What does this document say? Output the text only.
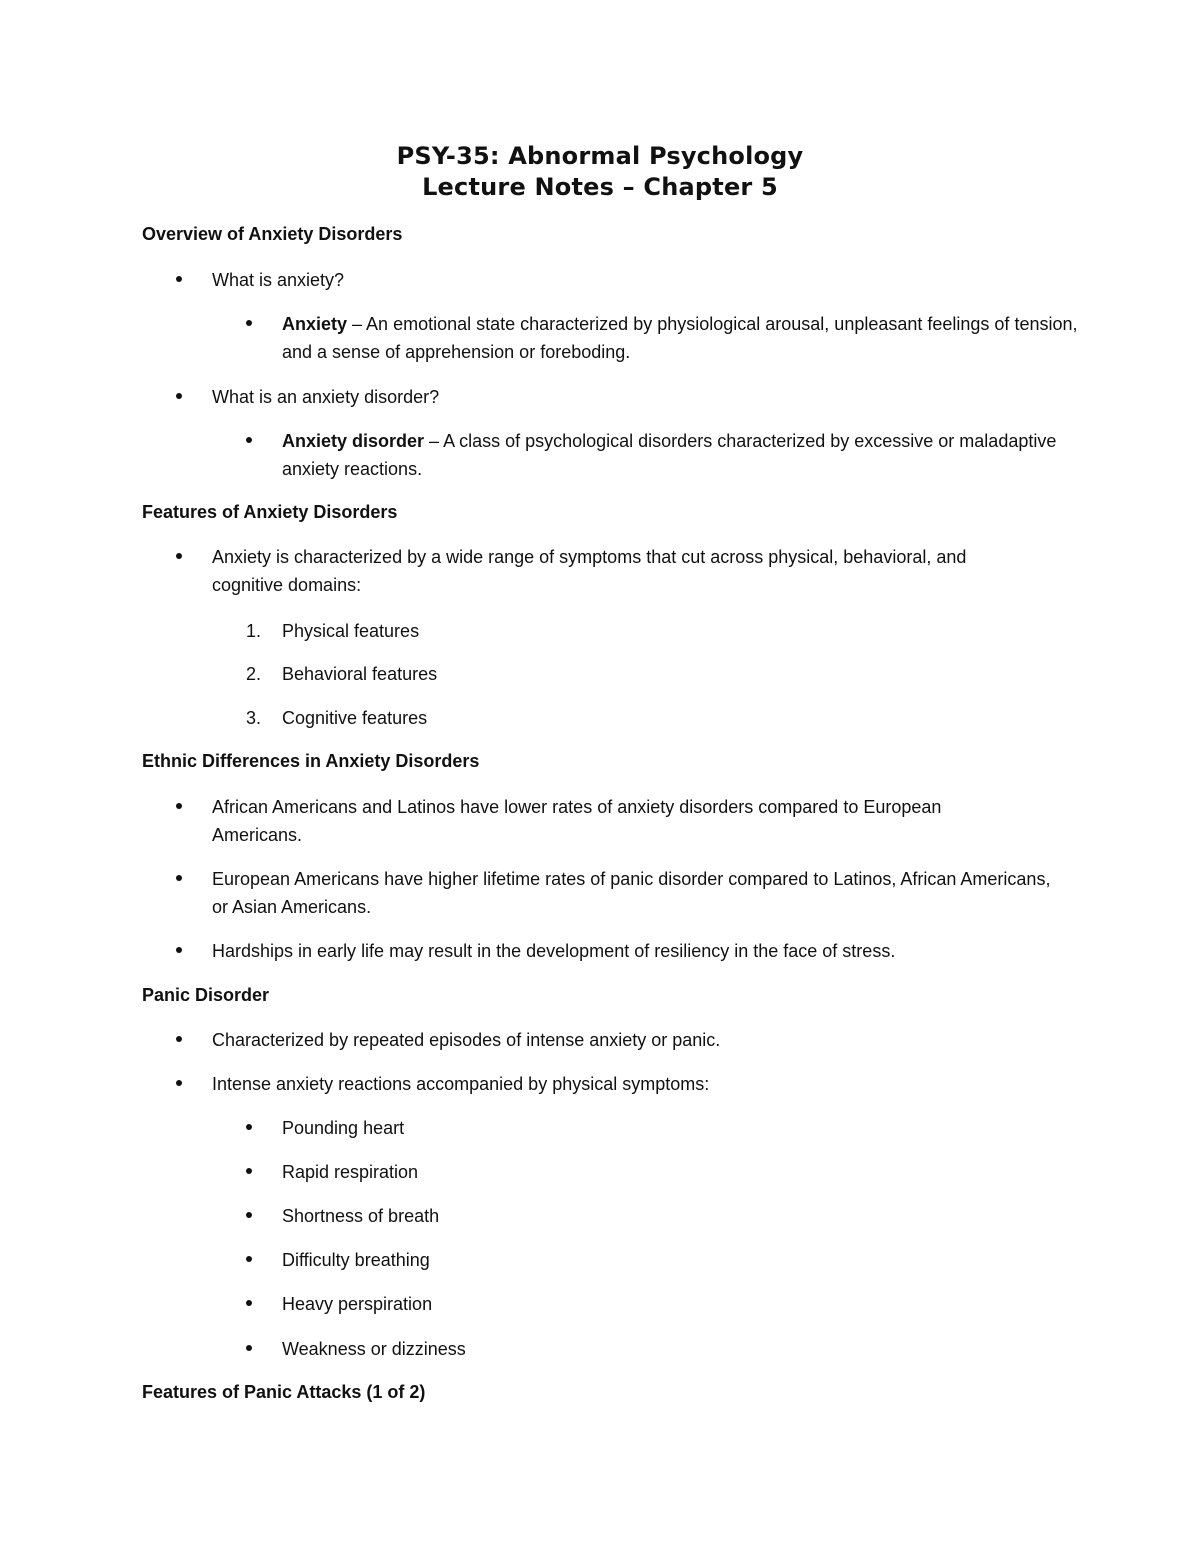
PSY-35: Abnormal Psychology
Lecture Notes – Chapter 5
Overview of Anxiety Disorders
What is anxiety?
Anxiety – An emotional state characterized by physiological arousal, unpleasant feelings of tension, and a sense of apprehension or foreboding.
What is an anxiety disorder?
Anxiety disorder – A class of psychological disorders characterized by excessive or maladaptive anxiety reactions.
Features of Anxiety Disorders
Anxiety is characterized by a wide range of symptoms that cut across physical, behavioral, and cognitive domains:
1.	Physical features
2.	Behavioral features
3.	Cognitive features
Ethnic Differences in Anxiety Disorders
African Americans and Latinos have lower rates of anxiety disorders compared to European Americans.
European Americans have higher lifetime rates of panic disorder compared to Latinos, African Americans, or Asian Americans.
Hardships in early life may result in the development of resiliency in the face of stress.
Panic Disorder
Characterized by repeated episodes of intense anxiety or panic.
Intense anxiety reactions accompanied by physical symptoms:
Pounding heart
Rapid respiration
Shortness of breath
Difficulty breathing
Heavy perspiration
Weakness or dizziness
Features of Panic Attacks (1 of 2)
